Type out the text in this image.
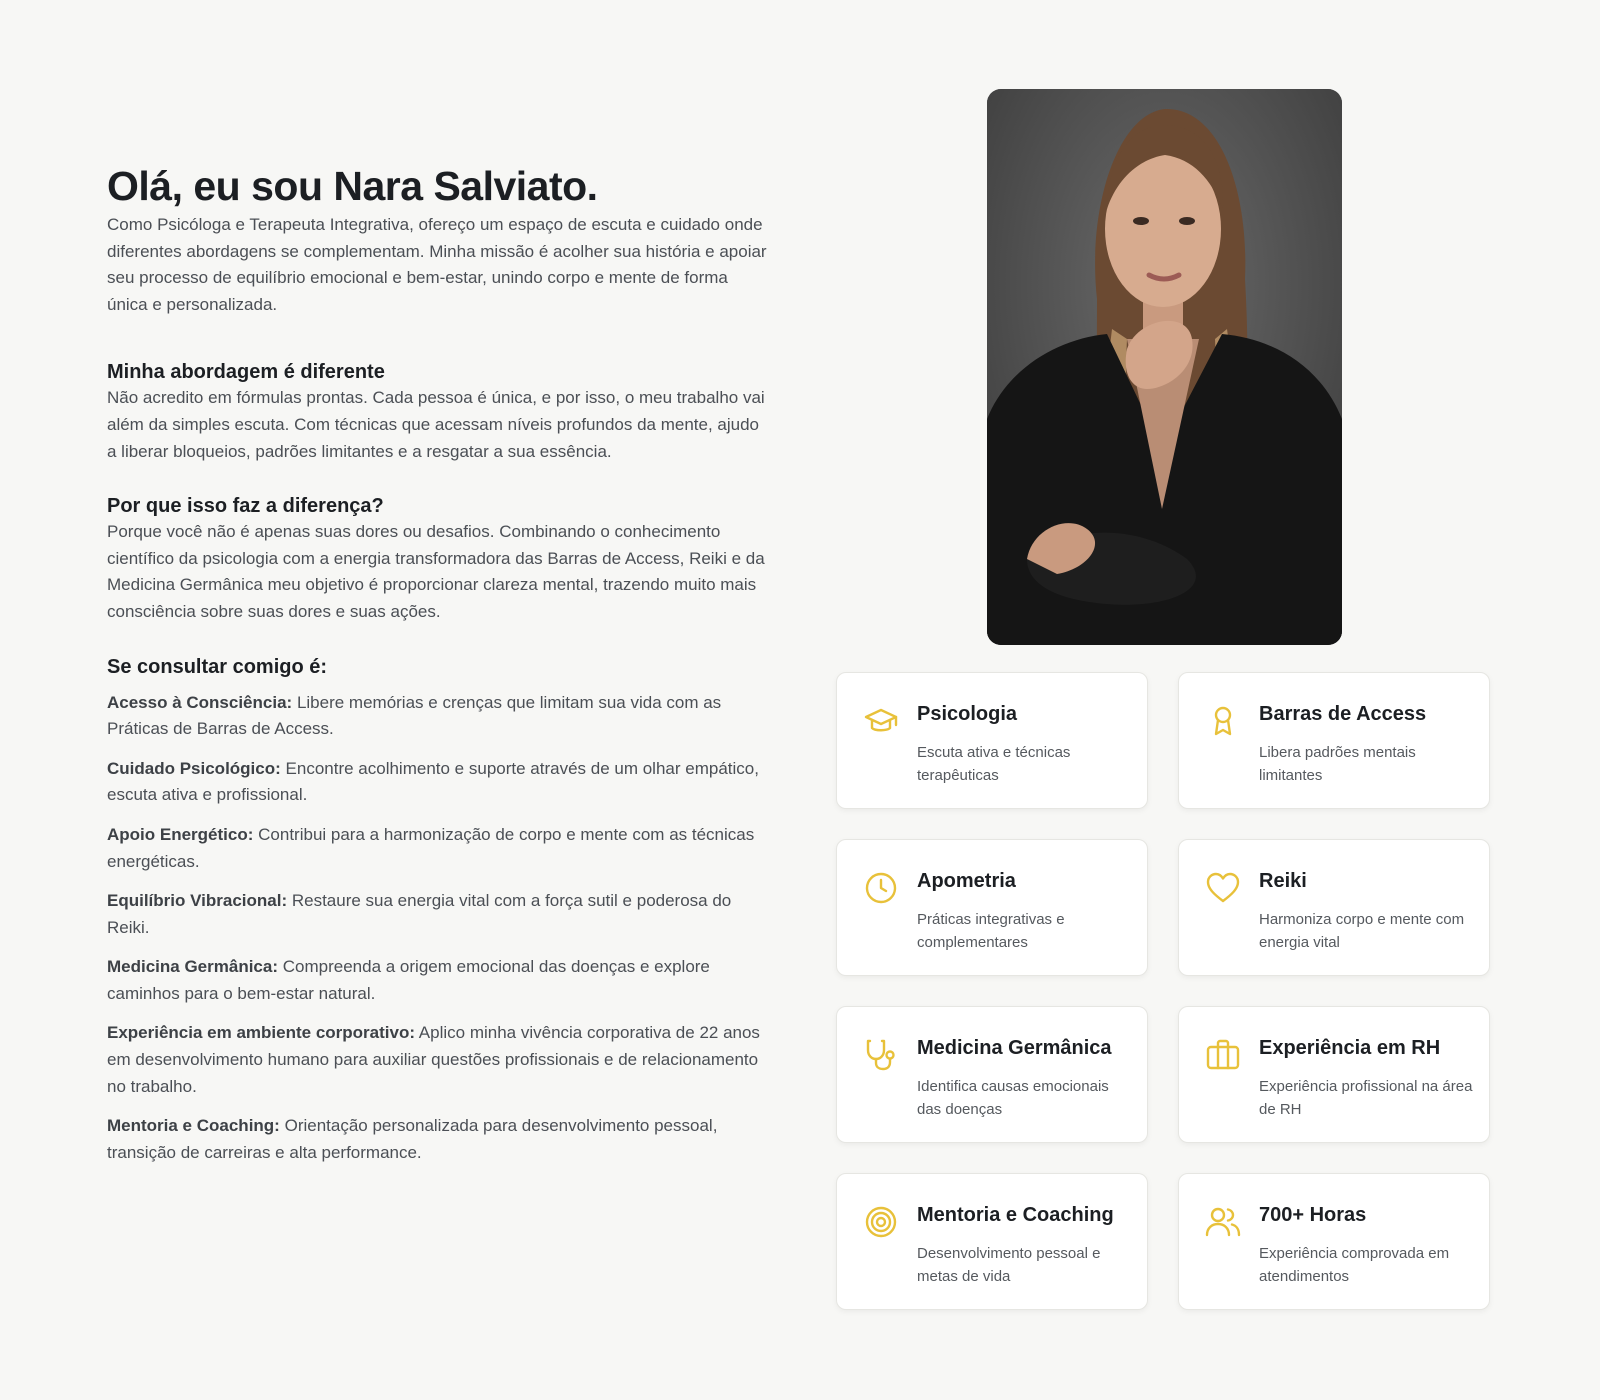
Olá, eu sou Nara Salviato.

Como Psicóloga e Terapeuta Integrativa, ofereço um espaço de escuta e cuidado onde diferentes abordagens se complementam. Minha missão é acolher sua história e apoiar seu processo de equilíbrio emocional e bem-estar, unindo corpo e mente de forma única e personalizada.

Minha abordagem é diferente

Não acredito em fórmulas prontas. Cada pessoa é única, e por isso, o meu trabalho vai além da simples escuta. Com técnicas que acessam níveis profundos da mente, ajudo a liberar bloqueios, padrões limitantes e a resgatar a sua essência.

Por que isso faz a diferença?

Porque você não é apenas suas dores ou desafios. Combinando o conhecimento científico da psicologia com a energia transformadora das Barras de Access, Reiki e da Medicina Germânica meu objetivo é proporcionar clareza mental, trazendo muito mais consciência sobre suas dores e suas ações.

Se consultar comigo é:

Acesso à Consciência: Libere memórias e crenças que limitam sua vida com as Práticas de Barras de Access.

Cuidado Psicológico: Encontre acolhimento e suporte através de um olhar empático, escuta ativa e profissional.

Apoio Energético: Contribui para a harmonização de corpo e mente com as técnicas energéticas.

Equilíbrio Vibracional: Restaure sua energia vital com a força sutil e poderosa do Reiki.

Medicina Germânica: Compreenda a origem emocional das doenças e explore caminhos para o bem-estar natural.

Experiência em ambiente corporativo: Aplico minha vivência corporativa de 22 anos em desenvolvimento humano para auxiliar questões profissionais e de relacionamento no trabalho.

Mentoria e Coaching: Orientação personalizada para desenvolvimento pessoal, transição de carreiras e alta performance.

Psicologia
Escuta ativa e técnicas terapêuticas
Barras de Access
Libera padrões mentais limitantes
Apometria
Práticas integrativas e complementares
Reiki
Harmoniza corpo e mente com energia vital
Medicina Germânica
Identifica causas emocionais das doenças
Experiência em RH
Experiência profissional na área de RH
Mentoria e Coaching
Desenvolvimento pessoal e metas de vida
700+ Horas
Experiência comprovada em atendimentos
